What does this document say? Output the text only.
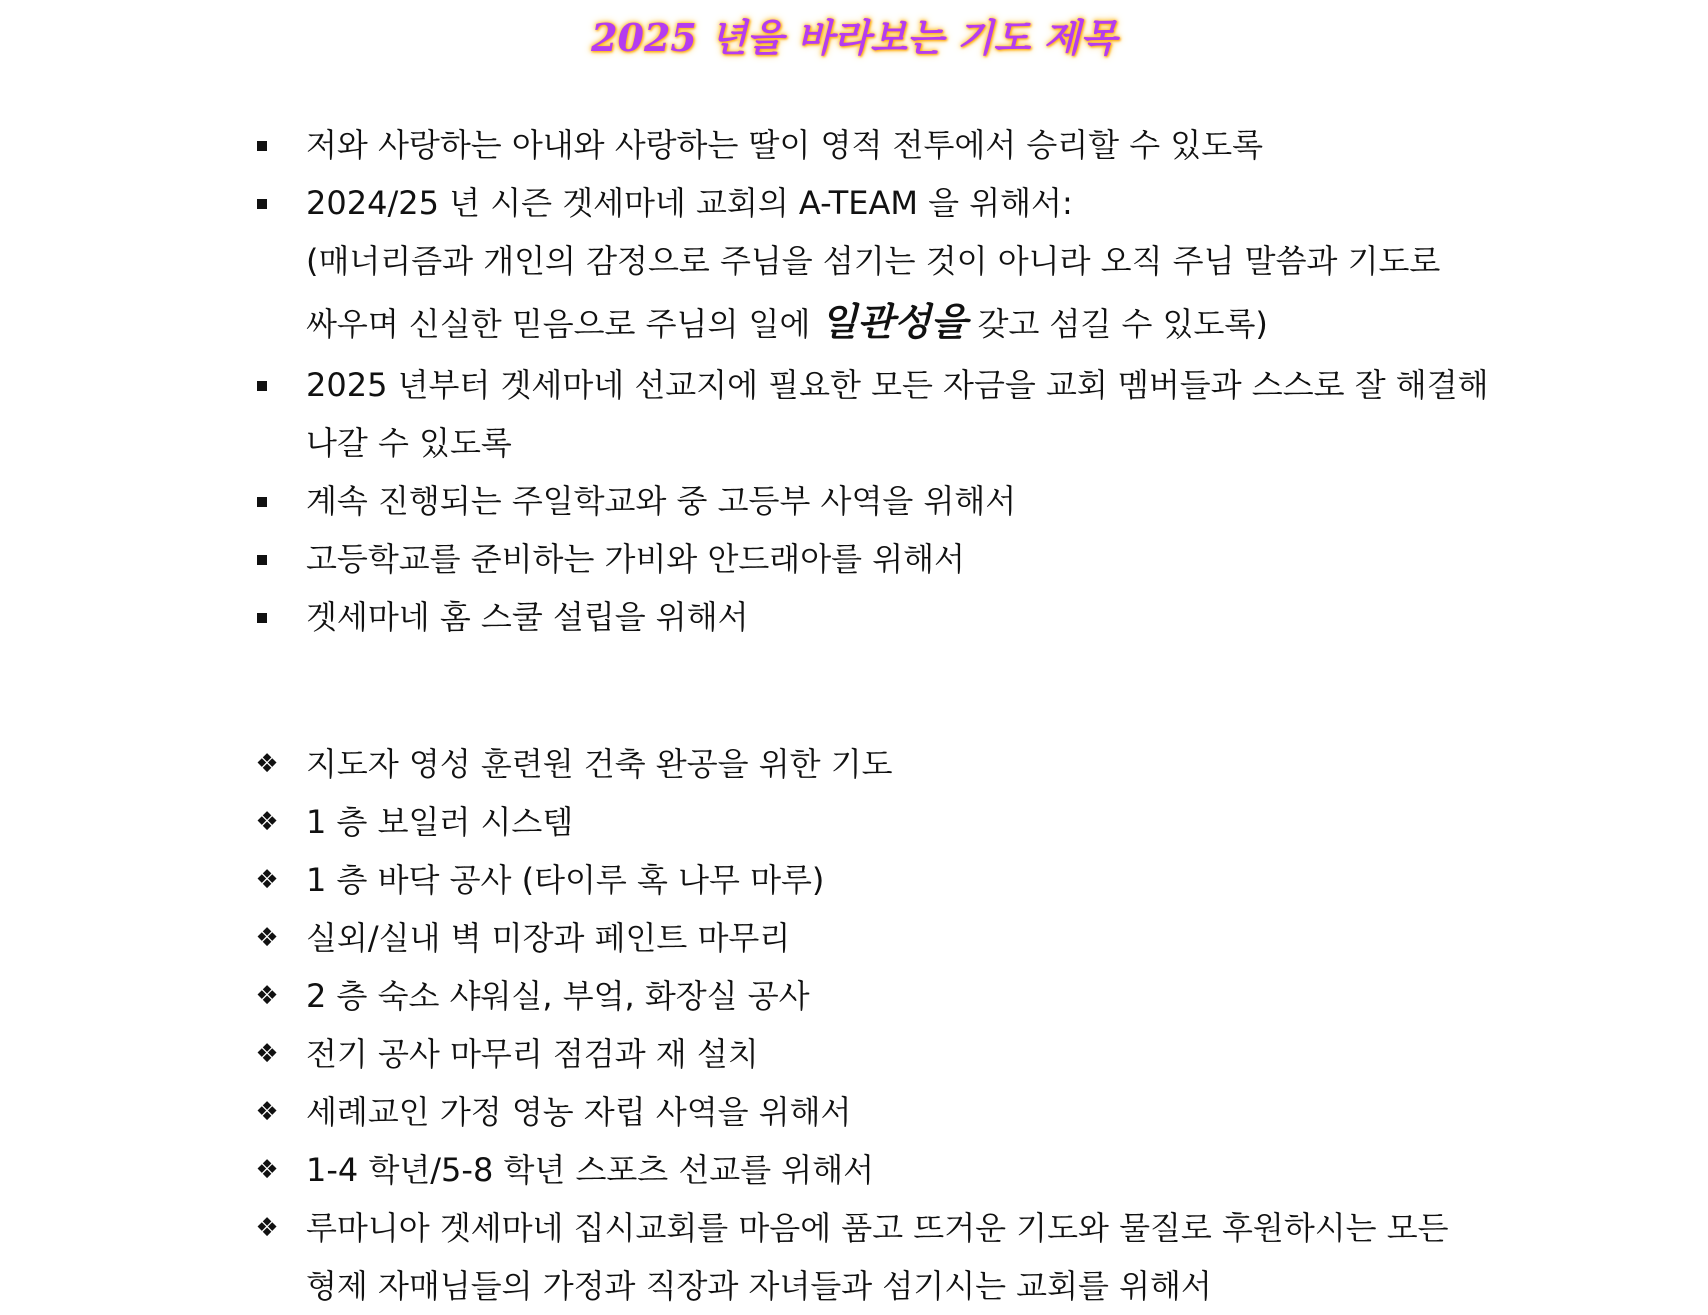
2025 년을 바라보는 기도 제목
저와 사랑하는 아내와 사랑하는 딸이 영적 전투에서 승리할 수 있도록
2024/25 년 시즌 겟세마네 교회의 A-TEAM 을 위해서:
(매너리즘과 개인의 감정으로 주님을 섬기는 것이 아니라 오직 주님 말씀과 기도로
싸우며 신실한 믿음으로 주님의 일에 일관성을 갖고 섬길 수 있도록)
2025 년부터 겟세마네 선교지에 필요한 모든 자금을 교회 멤버들과 스스로 잘 해결해
나갈 수 있도록
계속 진행되는 주일학교와 중 고등부 사역을 위해서
고등학교를 준비하는 가비와 안드래아를 위해서
겟세마네 홈 스쿨 설립을 위해서
❖ 지도자 영성 훈련원 건축 완공을 위한 기도
❖ 1 층 보일러 시스템
❖ 1 층 바닥 공사 (타이루 혹 나무 마루)
❖ 실외/실내 벽 미장과 페인트 마무리
❖ 2 층 숙소 샤워실, 부엌, 화장실 공사
❖ 전기 공사 마무리 점검과 재 설치
❖ 세례교인 가정 영농 자립 사역을 위해서
❖ 1-4 학년/5-8 학년 스포츠 선교를 위해서
❖ 루마니아 겟세마네 집시교회를 마음에 품고 뜨거운 기도와 물질로 후원하시는 모든
형제 자매님들의 가정과 직장과 자녀들과 섬기시는 교회를 위해서
